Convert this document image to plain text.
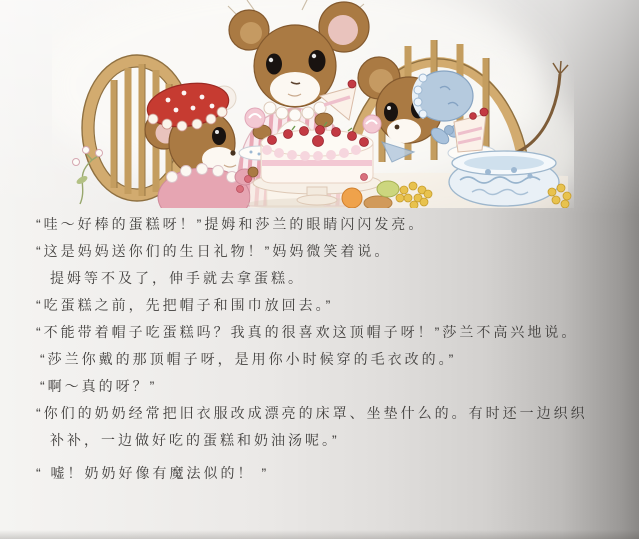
“哇～好棒的蛋糕呀！”提姆和莎兰的眼睛闪闪发亮。

“这是妈妈送你们的生日礼物！”妈妈微笑着说。

提姆等不及了，伸手就去拿蛋糕。

“吃蛋糕之前，先把帽子和围巾放回去。”

“不能带着帽子吃蛋糕吗？我真的很喜欢这顶帽子呀！”莎兰不高兴地说。

“莎兰你戴的那顶帽子呀，是用你小时候穿的毛衣改的。”

“啊～真的呀？”

“你们的奶奶经常把旧衣服改成漂亮的床罩、坐垫什么的。有时还一边织织

补补，一边做好吃的蛋糕和奶油汤呢。”

“ 嘘！奶奶好像有魔法似的！ ”
